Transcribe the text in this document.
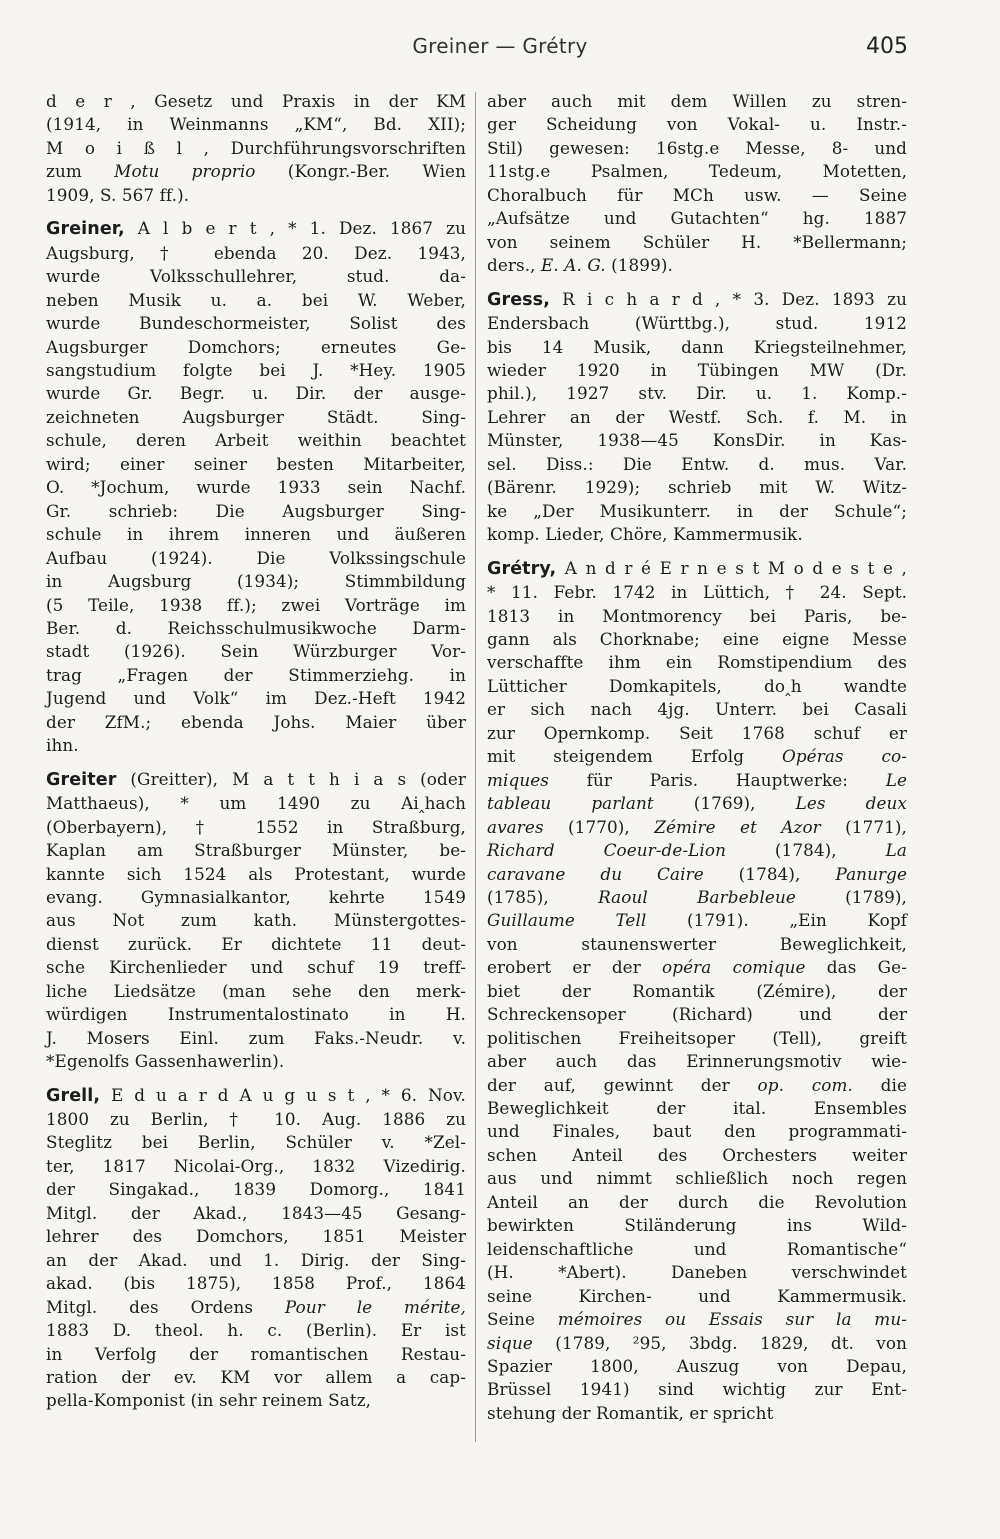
Greiner — Grétry	405
d e r , Gesetz und Praxis in der KM
(1914, in Weinmanns „KM“, Bd. XII);
M o i ß l , Durchführungsvorschriften
zum Motu proprio (Kongr.-Ber. Wien
1909, S. 567 ff.).
Greiner, A l b e r t , * 1. Dez. 1867 zu
Augsburg, † ebenda 20. Dez. 1943,
wurde Volksschullehrer, stud. da-
neben Musik u. a. bei W. Weber,
wurde Bundeschormeister, Solist des
Augsburger Domchors; erneutes Ge-
sangstudium folgte bei J. *Hey. 1905
wurde Gr. Begr. u. Dir. der ausge-
zeichneten Augsburger Städt. Sing-
schule, deren Arbeit weithin beachtet
wird; einer seiner besten Mitarbeiter,
O. *Jochum, wurde 1933 sein Nachf.
Gr. schrieb: Die Augsburger Sing-
schule in ihrem inneren und äußeren
Aufbau (1924). Die Volkssingschule
in Augsburg (1934); Stimmbildung
(5 Teile, 1938 ff.); zwei Vorträge im
Ber. d. Reichsschulmusikwoche Darm-
stadt (1926). Sein Würzburger Vor-
trag „Fragen der Stimmerziehg. in
Jugend und Volk“ im Dez.-Heft 1942
der ZfM.; ebenda Johs. Maier über
ihn.
Greiter (Greitter), M a t t h i a s (oder
Matthaeus), * um 1490 zu Ai‸hach
(Oberbayern), † 1552 in Straßburg,
Kaplan am Straßburger Münster, be-
kannte sich 1524 als Protestant, wurde
evang. Gymnasialkantor, kehrte 1549
aus Not zum kath. Münstergottes-
dienst zurück. Er dichtete 11 deut-
sche Kirchenlieder und schuf 19 treff-
liche Liedsätze (man sehe den merk-
würdigen Instrumentalostinato in H.
J. Mosers Einl. zum Faks.-Neudr. v.
*Egenolfs Gassenhawerlin).
Grell, E d u a r d A u g u s t , * 6. Nov.
1800 zu Berlin, † 10. Aug. 1886 zu
Steglitz bei Berlin, Schüler v. *Zel-
ter, 1817 Nicolai-Org., 1832 Vizedirig.
der Singakad., 1839 Domorg., 1841
Mitgl. der Akad., 1843—45 Gesang-
lehrer des Domchors, 1851 Meister
an der Akad. und 1. Dirig. der Sing-
akad. (bis 1875), 1858 Prof., 1864
Mitgl. des Ordens Pour le mérite,
1883 D. theol. h. c. (Berlin). Er ist
in Verfolg der romantischen Restau-
ration der ev. KM vor allem a cap-
pella-Komponist (in sehr reinem Satz,
aber auch mit dem Willen zu stren-
ger Scheidung von Vokal- u. Instr.-
Stil) gewesen: 16stg.e Messe, 8- und
11stg.e Psalmen, Tedeum, Motetten,
Choralbuch für MCh usw. — Seine
„Aufsätze und Gutachten“ hg. 1887
von seinem Schüler H. *Bellermann;
ders., E. A. G. (1899).
Gress, R i c h a r d , * 3. Dez. 1893 zu
Endersbach (Württbg.), stud. 1912
bis 14 Musik, dann Kriegsteilnehmer,
wieder 1920 in Tübingen MW (Dr.
phil.), 1927 stv. Dir. u. 1. Komp.-
Lehrer an der Westf. Sch. f. M. in
Münster, 1938—45 KonsDir. in Kas-
sel. Diss.: Die Entw. d. mus. Var.
(Bärenr. 1929); schrieb mit W. Witz-
ke „Der Musikunterr. in der Schule“;
komp. Lieder, Chöre, Kammermusik.
Grétry, A n d r é E r n e s t M o d e s t e ,
* 11. Febr. 1742 in Lüttich, † 24. Sept.
1813 in Montmorency bei Paris, be-
gann als Chorknabe; eine eigne Messe
verschaffte ihm ein Romstipendium des
Lütticher Domkapitels, do‸h wandte
er sich nach 4jg. Unterr. bei Casali
zur Opernkomp. Seit 1768 schuf er
mit steigendem Erfolg Opéras co-
miques für Paris. Hauptwerke: Le
tableau parlant (1769), Les deux
avares (1770), Zémire et Azor (1771),
Richard Coeur-de-Lion (1784), La
caravane du Caire (1784), Panurge
(1785), Raoul Barbebleue (1789),
Guillaume Tell (1791). „Ein Kopf
von staunenswerter Beweglichkeit,
erobert er der opéra comique das Ge-
biet der Romantik (Zémire), der
Schreckensoper (Richard) und der
politischen Freiheitsoper (Tell), greift
aber auch das Erinnerungsmotiv wie-
der auf, gewinnt der op. com. die
Beweglichkeit der ital. Ensembles
und Finales, baut den programmati-
schen Anteil des Orchesters weiter
aus und nimmt schließlich noch regen
Anteil an der durch die Revolution
bewirkten Stiländerung ins Wild-
leidenschaftliche und Romantische“
(H. *Abert). Daneben verschwindet
seine Kirchen- und Kammermusik.
Seine mémoires ou Essais sur la mu-
sique (1789, ²95, 3bdg. 1829, dt. von
Spazier 1800, Auszug von Depau,
Brüssel 1941) sind wichtig zur Ent-
stehung der Romantik, er spricht
